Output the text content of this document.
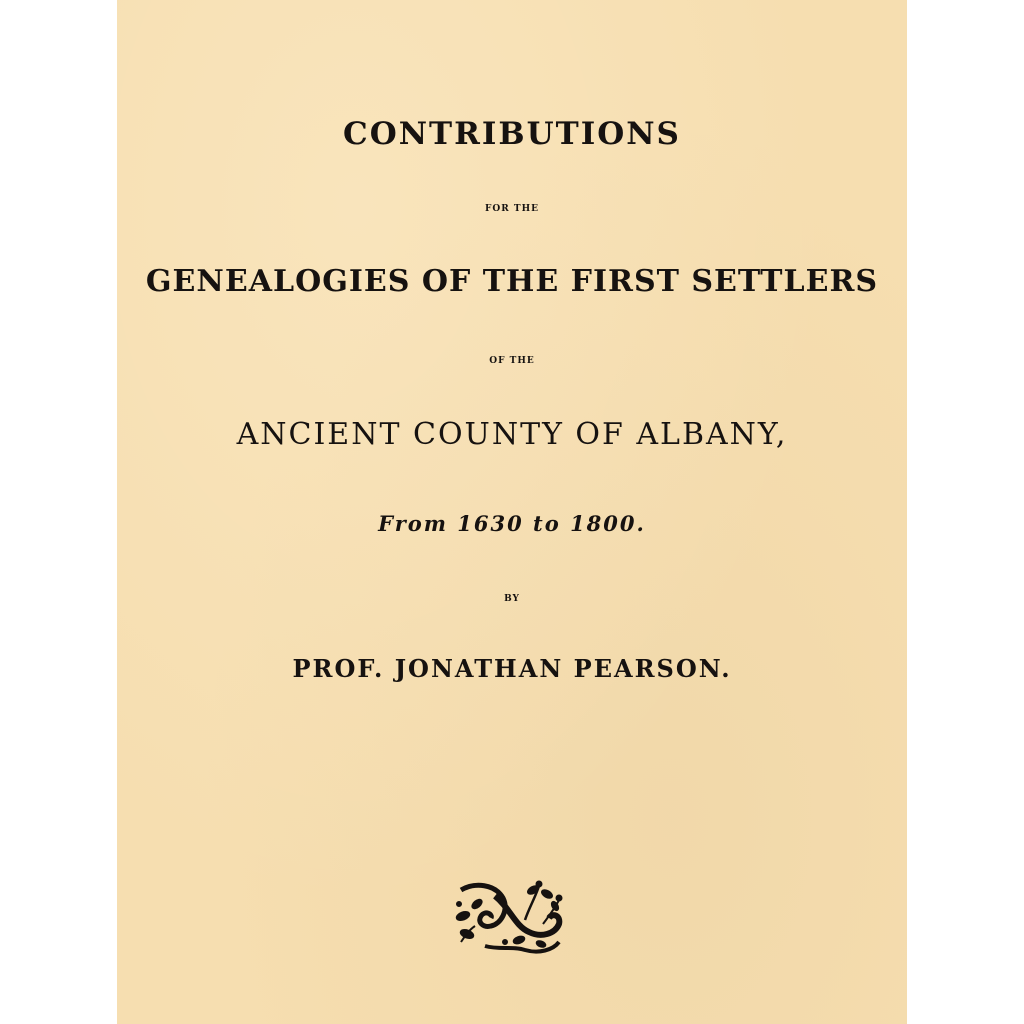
CONTRIBUTIONS
FOR THE
GENEALOGIES OF THE FIRST SETTLERS
OF THE
ANCIENT COUNTY OF ALBANY,
From 1630 to 1800.
BY
PROF. JONATHAN PEARSON.
